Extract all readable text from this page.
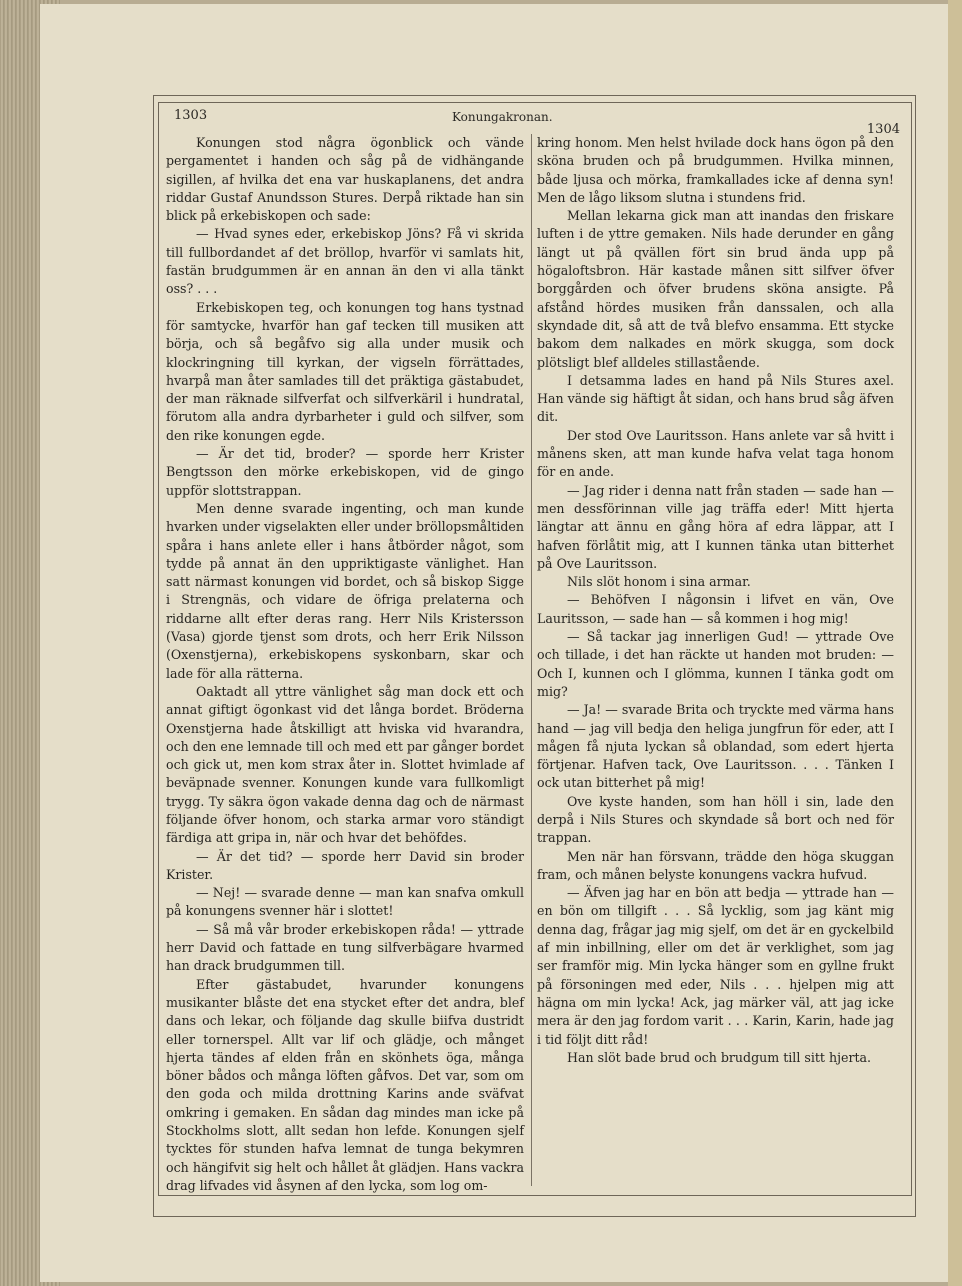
1303	Konungakronan.
1304

Konungen stod några ögonblick och vände pergamentet i handen och såg på de vidhängande sigillen, af hvilka det ena var huskaplanens, det andra riddar Gustaf Anundsson Stures. Derpå riktade han sin blick på erkebiskopen och sade:

— Hvad synes eder, erkebiskop Jöns? Få vi skrida till fullbordandet af det bröllop, hvarför vi samlats hit, fastän brudgummen är en annan än den vi alla tänkt oss? . . .

Erkebiskopen teg, och konungen tog hans tystnad för samtycke, hvarför han gaf tecken till musiken att börja, och så begåfvo sig alla under musik och klockringning till kyrkan, der vigseln förrättades, hvarpå man åter samlades till det präktiga gästabudet, der man räknade silfverfat och silfverkäril i hundratal, förutom alla andra dyrbarheter i guld och silfver, som den rike konungen egde.

— Är det tid, broder? — sporde herr Krister Bengtsson den mörke erkebiskopen, vid de gingo uppför slottstrappan.

Men denne svarade ingenting, och man kunde hvarken under vigselakten eller under bröllopsmåltiden spåra i hans anlete eller i hans åtbörder något, som tydde på annat än den uppriktigaste vänlighet. Han satt närmast konungen vid bordet, och så biskop Sigge i Strengnäs, och vidare de öfriga prelaterna och riddarne allt efter deras rang. Herr Nils Kristersson (Vasa) gjorde tjenst som drots, och herr Erik Nilsson (Oxenstjerna), erkebiskopens syskonbarn, skar och lade för alla rätterna.

Oaktadt all yttre vänlighet såg man dock ett och annat giftigt ögonkast vid det långa bordet. Bröderna Oxenstjerna hade åtskilligt att hviska vid hvarandra, och den ene lemnade till och med ett par gånger bordet och gick ut, men kom strax åter in. Slottet hvimlade af beväpnade svenner. Konungen kunde vara fullkomligt trygg. Ty säkra ögon vakade denna dag och de närmast följande öfver honom, och starka armar voro ständigt färdiga att gripa in, när och hvar det behöfdes.

— Är det tid? — sporde herr David sin broder Krister.

— Nej! — svarade denne — man kan snafva omkull på konungens svenner här i slottet!

— Så må vår broder erkebiskopen råda! — yttrade herr David och fattade en tung silfverbägare hvarmed han drack brudgummen till.

Efter gästabudet, hvarunder konungens musikanter blåste det ena stycket efter det andra, blef dans och lekar, och följande dag skulle biifva dustridt eller tornerspel. Allt var lif och glädje, och månget hjerta tändes af elden från en skönhets öga, många böner bådos och många löften gåfvos. Det var, som om den goda och milda drottning Karins ande sväfvat omkring i gemaken. En sådan dag mindes man icke på Stockholms slott, allt sedan hon lefde. Konungen sjelf tycktes för stunden hafva lemnat de tunga bekymren och hängifvit sig helt och hållet åt glädjen. Hans vackra drag lifvades vid åsynen af den lycka, som log om-

kring honom. Men helst hvilade dock hans ögon på den sköna bruden och på brudgummen. Hvilka minnen, både ljusa och mörka, framkallades icke af denna syn! Men de lågo liksom slutna i stundens frid.

Mellan lekarna gick man att inandas den friskare luften i de yttre gemaken. Nils hade derunder en gång längt ut på qvällen fört sin brud ända upp på högaloftsbron. Här kastade månen sitt silfver öfver borggården och öfver brudens sköna ansigte. På afstånd hördes musiken från danssalen, och alla skyndade dit, så att de två blefvo ensamma. Ett stycke bakom dem nalkades en mörk skugga, som dock plötsligt blef alldeles stillastående.

I detsamma lades en hand på Nils Stures axel. Han vände sig häftigt åt sidan, och hans brud såg äfven dit.

Der stod Ove Lauritsson. Hans anlete var så hvitt i månens sken, att man kunde hafva velat taga honom för en ande.

— Jag rider i denna natt från staden — sade han — men dessförinnan ville jag träffa eder! Mitt hjerta längtar att ännu en gång höra af edra läppar, att I hafven förlåtit mig, att I kunnen tänka utan bitterhet på Ove Lauritsson.

Nils slöt honom i sina armar.

— Behöfven I någonsin i lifvet en vän, Ove Lauritsson, — sade han — så kommen i hog mig!

— Så tackar jag innerligen Gud! — yttrade Ove och tillade, i det han räckte ut handen mot bruden: — Och I, kunnen och I glömma, kunnen I tänka godt om mig?

— Ja! — svarade Brita och tryckte med värma hans hand — jag vill bedja den heliga jungfrun för eder, att I mågen få njuta lyckan så oblandad, som edert hjerta förtjenar. Hafven tack, Ove Lauritsson. . . . Tänken I ock utan bitterhet på mig!

Ove kyste handen, som han höll i sin, lade den derpå i Nils Stures och skyndade så bort och ned för trappan.

Men när han försvann, trädde den höga skuggan fram, och månen belyste konungens vackra hufvud.

— Äfven jag har en bön att bedja — yttrade han — en bön om tillgift . . . Så lycklig, som jag känt mig denna dag, frågar jag mig sjelf, om det är en gyckelbild af min inbillning, eller om det är verklighet, som jag ser framför mig. Min lycka hänger som en gyllne frukt på försoningen med eder, Nils . . . hjelpen mig att hägna om min lycka! Ack, jag märker väl, att jag icke mera är den jag fordom varit . . . Karin, Karin, hade jag i tid följt ditt råd!

Han slöt bade brud och brudgum till sitt hjerta.
